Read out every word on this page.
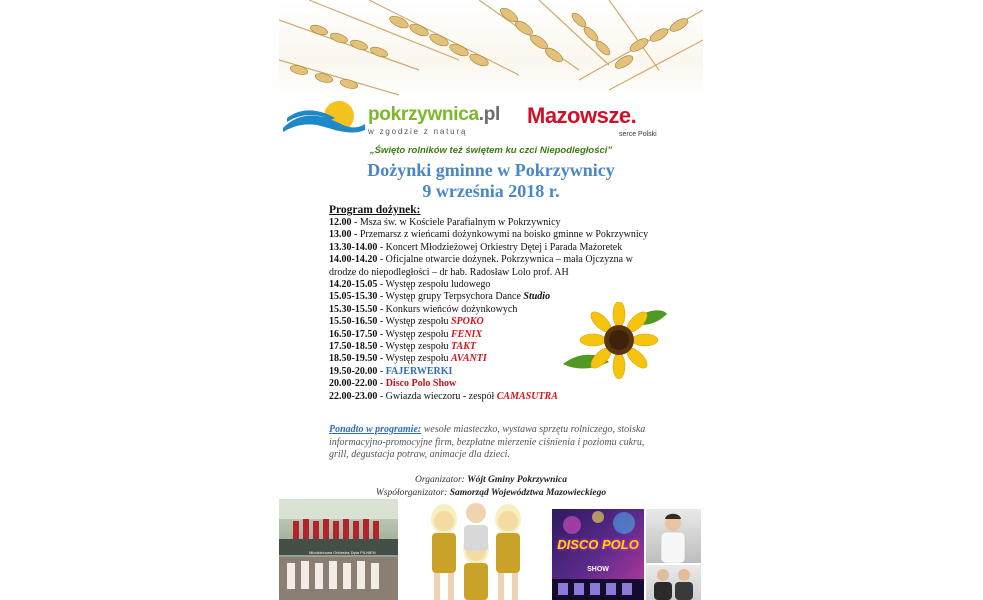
pokrzywnica.pl
w zgodzie z naturą
Mazowsze.
serce Polski
„Święto rolników też świętem ku czci Niepodległości”
Dożynki gminne w Pokrzywnicy
9 września 2018 r.
Program dożynek:
12.00 - Msza św. w Kościele Parafialnym w Pokrzywnicy
13.00 - Przemarsz z wieńcami dożynkowymi na boisko gminne w Pokrzywnicy
13.30-14.00 - Koncert Młodzieżowej Orkiestry Dętej i Parada Mażoretek
14.00-14.20 - Oficjalne otwarcie dożynek. Pokrzywnica – mała Ojczyzna w drodze do niepodległości – dr hab. Radosław Lolo prof. AH
14.20-15.05 - Występ zespołu ludowego
15.05-15.30 - Występ grupy Terpsychora Dance Studio
15.30-15.50 - Konkurs wieńców dożynkowych
15.50-16.50 - Występ zespołu SPOKO
16.50-17.50 - Występ zespołu FENIX
17.50-18.50 - Występ zespołu TAKT
18.50-19.50 - Występ zespołu AVANTI
19.50-20.00 - FAJERWERKI
20.00-22.00 - Disco Polo Show
22.00-23.00 - Gwiazda wieczoru - zespół CAMASUTRA
Ponadto w programie: wesołe miasteczko, wystawa sprzętu rolniczego, stoiska informacyjno-promocyjne firm, bezpłatne mierzenie ciśnienia i poziomu cukru, grill, degustacja potraw, animacje dla dzieci.
Organizator: Wójt Gminy Pokrzywnica
Współorganizator: Samorząd Województwa Mazowieckiego
Młodzieżowa Orkiestra Dęta PILNIEN
DISCO POLO
SHOW
